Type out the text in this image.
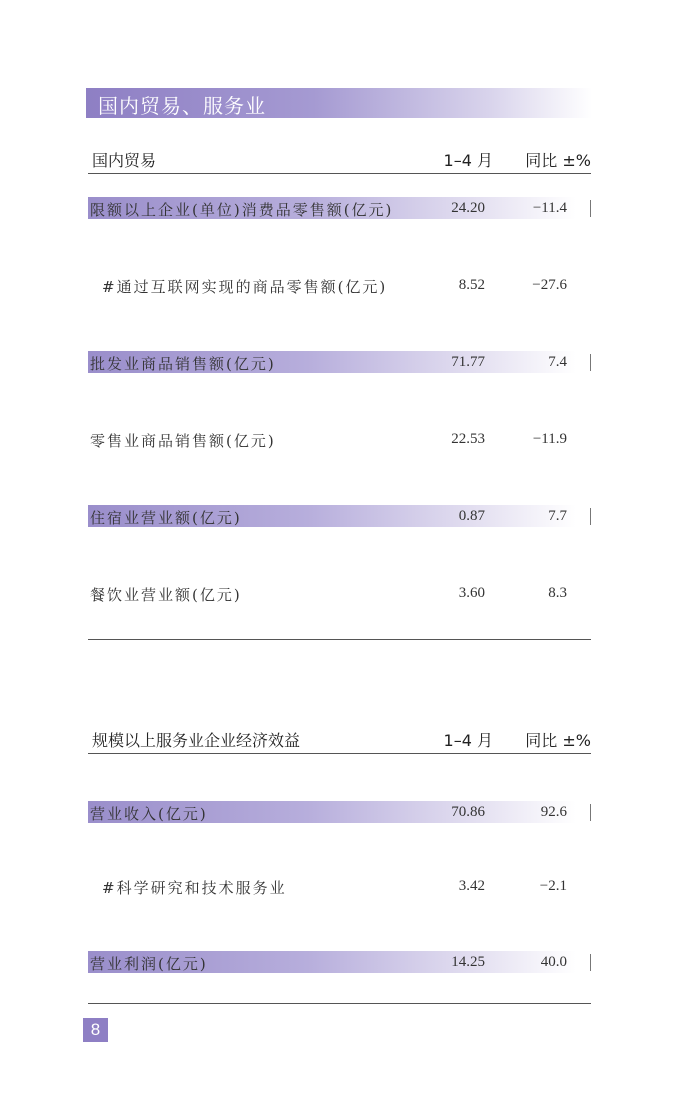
国内贸易、服务业
国内贸易	1–4 月 同比 ±%
限额以上企业(单位)消费品零售额(亿元)	24.20	−11.4
#通过互联网实现的商品零售额(亿元)	8.52	−27.6
批发业商品销售额(亿元)	71.77	7.4
零售业商品销售额(亿元)	22.53	−11.9
住宿业营业额(亿元)	0.87	7.7
餐饮业营业额(亿元)	3.60	8.3
规模以上服务业企业经济效益	1–4 月 同比 ±%
营业收入(亿元)	70.86	92.6
#科学研究和技术服务业	3.42	−2.1
营业利润(亿元)	14.25	40.0
8
